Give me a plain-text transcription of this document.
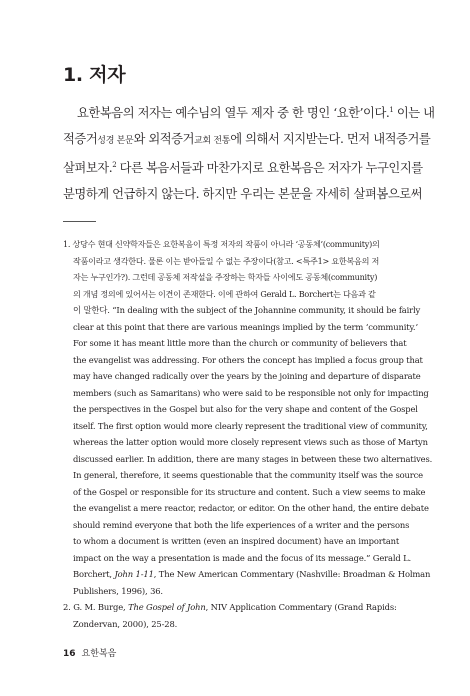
1. 저자

요한복음의 저자는 예수님의 열두 제자 중 한 명인 ‘요한’이다.$^1$ 이는 내
적증거성경 본문와 외적증거교회 전통에 의해서 지지받는다. 먼저 내적증거를
살펴보자.$^2$ 다른 복음서들과 마찬가지로 요한복음은 저자가 누구인지를
분명하게 언급하지 않는다. 하지만 우리는 본문을 자세히 살펴봄으로써

1. 상당수 현대 신약학자들은 요한복음이 특정 저자의 작품이 아니라 ‘공동체’(community)의
작품이라고 생각한다. 물론 이는 받아들일 수 없는 주장이다(참고. <특주1> 요한복음의 저
자는 누구인가?). 그런데 공동체 저작설을 주장하는 학자들 사이에도 공동체(community)
의 개념 정의에 있어서는 이견이 존재한다. 이에 관하여 Gerald L. Borchert는 다음과 같
이 말한다. “In dealing with the subject of the Johannine community, it should be fairly
clear at this point that there are various meanings implied by the term ‘community.’
For some it has meant little more than the church or community of believers that
the evangelist was addressing. For others the concept has implied a focus group that
may have changed radically over the years by the joining and departure of disparate
members (such as Samaritans) who were said to be responsible not only for impacting
the perspectives in the Gospel but also for the very shape and content of the Gospel
itself. The first option would more clearly represent the traditional view of community,
whereas the latter option would more closely represent views such as those of Martyn
discussed earlier. In addition, there are many stages in between these two alternatives.
In general, therefore, it seems questionable that the community itself was the source
of the Gospel or responsible for its structure and content. Such a view seems to make
the evangelist a mere reactor, redactor, or editor. On the other hand, the entire debate
should remind everyone that both the life experiences of a writer and the persons
to whom a document is written (even an inspired document) have an important
impact on the way a presentation is made and the focus of its message.” Gerald L.
Borchert, John 1-11, The New American Commentary (Nashville: Broadman & Holman
Publishers, 1996), 36.
2. G. M. Burge, The Gospel of John, NIV Application Commentary (Grand Rapids:
Zondervan, 2000), 25-28.
16 요한복음
